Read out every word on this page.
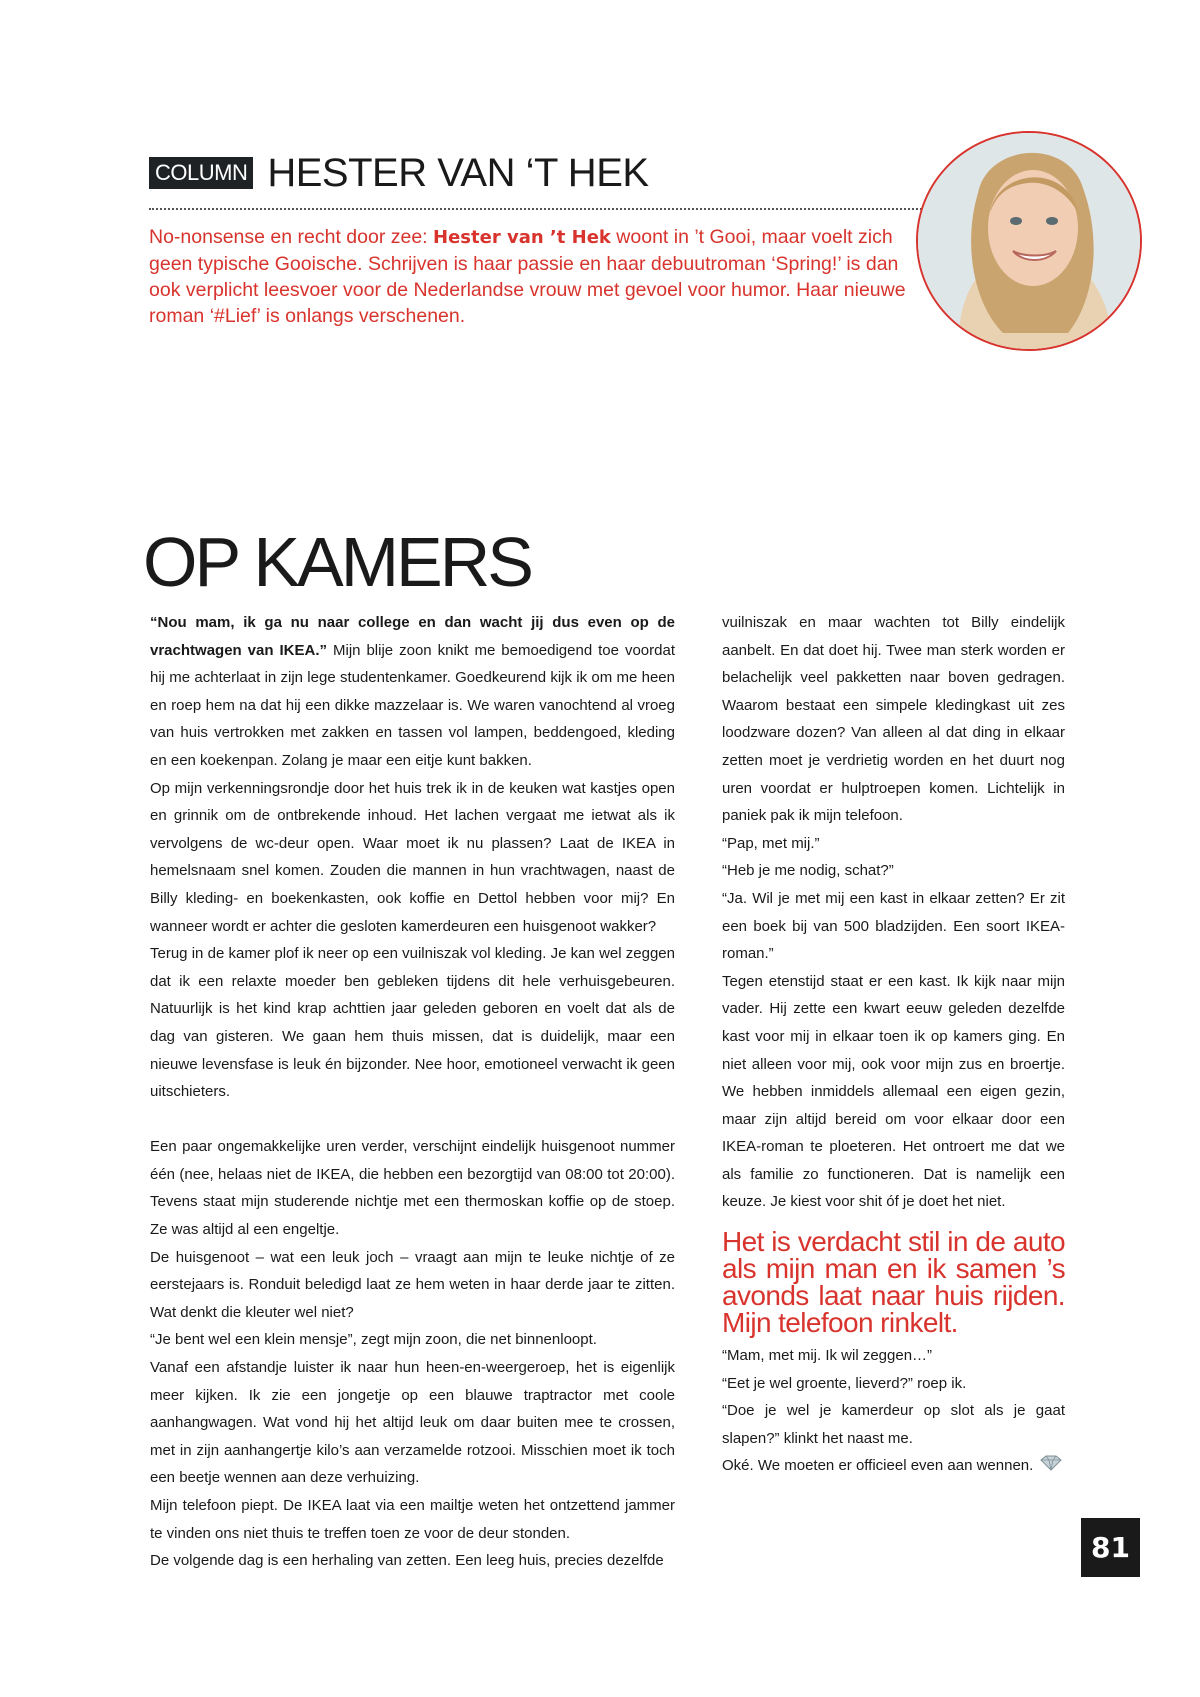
COLUMN HESTER VAN ‘T HEK
No-nonsense en recht door zee: Hester van ’t Hek woont in ’t Gooi, maar voelt zich geen typische Gooische. Schrijven is haar passie en haar debuutroman ‘Spring!’ is dan ook verplicht leesvoer voor de Nederlandse vrouw met gevoel voor humor. Haar nieuwe roman ‘#Lief’ is onlangs verschenen.
OP KAMERS

“Nou mam, ik ga nu naar college en dan wacht jij dus even op de vrachtwagen van IKEA.” Mijn blije zoon knikt me bemoedigend toe voordat hij me achterlaat in zijn lege studentenkamer. Goedkeurend kijk ik om me heen en roep hem na dat hij een dikke mazzelaar is. We waren vanochtend al vroeg van huis vertrokken met zakken en tassen vol lampen, beddengoed, kleding en een koekenpan. Zolang je maar een eitje kunt bakken.

Op mijn verkenningsrondje door het huis trek ik in de keuken wat kastjes open en grinnik om de ontbrekende inhoud. Het lachen vergaat me ietwat als ik vervolgens de wc-deur open. Waar moet ik nu plassen? Laat de IKEA in hemelsnaam snel komen. Zouden die mannen in hun vrachtwagen, naast de Billy kleding- en boekenkasten, ook koffie en Dettol hebben voor mij? En wanneer wordt er achter die gesloten kamerdeuren een huisgenoot wakker?

Terug in de kamer plof ik neer op een vuilniszak vol kleding. Je kan wel zeggen dat ik een relaxte moeder ben gebleken tijdens dit hele verhuisgebeuren. Natuurlijk is het kind krap achttien jaar geleden geboren en voelt dat als de dag van gisteren. We gaan hem thuis missen, dat is duidelijk, maar een nieuwe levensfase is leuk én bijzonder. Nee hoor, emotioneel verwacht ik geen uitschieters.

Een paar ongemakkelijke uren verder, verschijnt eindelijk huisgenoot nummer één (nee, helaas niet de IKEA, die hebben een bezorgtijd van 08:00 tot 20:00). Tevens staat mijn studerende nichtje met een thermoskan koffie op de stoep. Ze was altijd al een engeltje.

De huisgenoot – wat een leuk joch – vraagt aan mijn te leuke nichtje of ze eerstejaars is. Ronduit beledigd laat ze hem weten in haar derde jaar te zitten. Wat denkt die kleuter wel niet?

“Je bent wel een klein mensje”, zegt mijn zoon, die net binnenloopt.

Vanaf een afstandje luister ik naar hun heen-en-weergeroep, het is eigenlijk meer kijken. Ik zie een jongetje op een blauwe traptractor met coole aanhangwagen. Wat vond hij het altijd leuk om daar buiten mee te crossen, met in zijn aanhangertje kilo’s aan verzamelde rotzooi. Misschien moet ik toch een beetje wennen aan deze verhuizing.

Mijn telefoon piept. De IKEA laat via een mailtje weten het ontzettend jammer te vinden ons niet thuis te treffen toen ze voor de deur stonden.

De volgende dag is een herhaling van zetten. Een leeg huis, precies dezelfde

vuilniszak en maar wachten tot Billy eindelijk aanbelt. En dat doet hij. Twee man sterk worden er belachelijk veel pakketten naar boven gedragen. Waarom bestaat een simpele kledingkast uit zes loodzware dozen? Van alleen al dat ding in elkaar zetten moet je verdrietig worden en het duurt nog uren voordat er hulptroepen komen. Lichtelijk in paniek pak ik mijn telefoon.

“Pap, met mij.”

“Heb je me nodig, schat?”

“Ja. Wil je met mij een kast in elkaar zetten? Er zit een boek bij van 500 bladzijden. Een soort IKEA-roman.”

Tegen etenstijd staat er een kast. Ik kijk naar mijn vader. Hij zette een kwart eeuw geleden dezelfde kast voor mij in elkaar toen ik op kamers ging. En niet alleen voor mij, ook voor mijn zus en broertje. We hebben inmiddels allemaal een eigen gezin, maar zijn altijd bereid om voor elkaar door een IKEA-roman te ploeteren. Het ontroert me dat we als familie zo functioneren. Dat is namelijk een keuze. Je kiest voor shit óf je doet het niet.

Het is verdacht stil in de auto als mijn man en ik samen ’s avonds laat naar huis rijden. Mijn telefoon rinkelt.

“Mam, met mij. Ik wil zeggen…”

“Eet je wel groente, lieverd?” roep ik.

“Doe je wel je kamerdeur op slot als je gaat slapen?” klinkt het naast me.

Oké. We moeten er officieel even aan wennen.

81
